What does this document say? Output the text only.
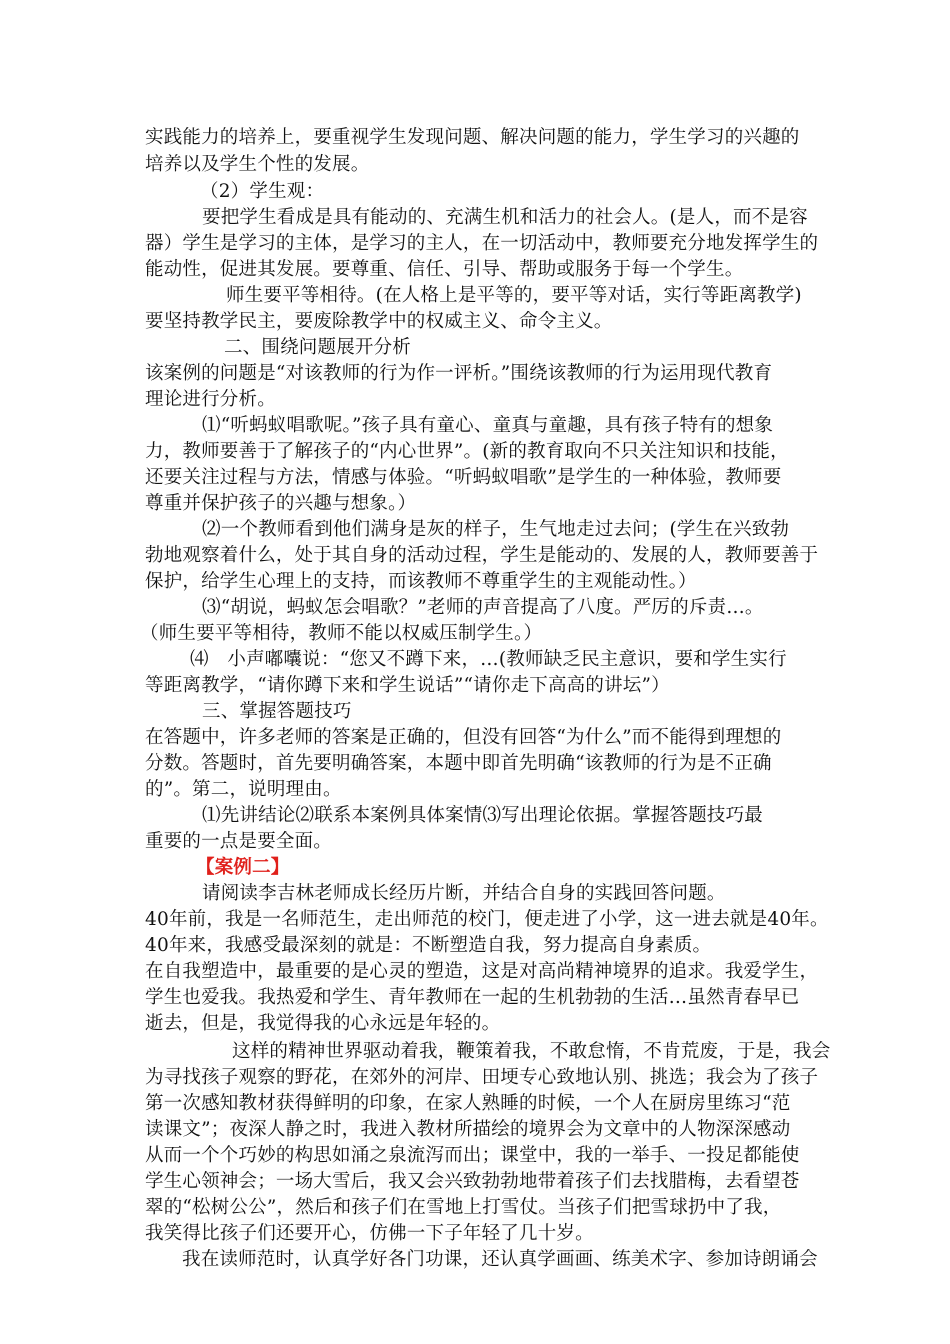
实践能力的培养上，要重视学生发现问题、解决问题的能力，学生学习的兴趣的
培养以及学生个性的发展。
（2）学生观：
要把学生看成是具有能动的、充满生机和活力的社会人。(是人，而不是容
器）学生是学习的主体，是学习的主人，在一切活动中，教师要充分地发挥学生的
能动性，促进其发展。要尊重、信任、引导、帮助或服务于每一个学生。
师生要平等相待。(在人格上是平等的，要平等对话，实行等距离教学)
要坚持教学民主，要废除教学中的权威主义、命令主义。
二、围绕问题展开分析
该案例的问题是“对该教师的行为作一评析。”围绕该教师的行为运用现代教育
理论进行分析。
⑴“听蚂蚁唱歌呢。”孩子具有童心、童真与童趣，具有孩子特有的想象
力，教师要善于了解孩子的“内心世界”。(新的教育取向不只关注知识和技能，
还要关注过程与方法，情感与体验。“听蚂蚁唱歌”是学生的一种体验，教师要
尊重并保护孩子的兴趣与想象。）
⑵一个教师看到他们满身是灰的样子，生气地走过去问；(学生在兴致勃
勃地观察着什么，处于其自身的活动过程，学生是能动的、发展的人，教师要善于
保护，给学生心理上的支持，而该教师不尊重学生的主观能动性。）
⑶“胡说，蚂蚁怎会唱歌？”老师的声音提高了八度。严厉的斥责…。
（师生要平等相待，教师不能以权威压制学生。）
⑷　小声嘟囔说：“您又不蹲下来，…(教师缺乏民主意识，要和学生实行
等距离教学，“请你蹲下来和学生说话”“请你走下高高的讲坛”）
三、掌握答题技巧
在答题中，许多老师的答案是正确的，但没有回答“为什么”而不能得到理想的
分数。答题时，首先要明确答案，本题中即首先明确“该教师的行为是不正确
的”。第二，说明理由。
⑴先讲结论⑵联系本案例具体案情⑶写出理论依据。掌握答题技巧最
重要的一点是要全面。
【案例二】
请阅读李吉林老师成长经历片断，并结合自身的实践回答问题。
40年前，我是一名师范生，走出师范的校门，便走进了小学，这一进去就是40年。
40年来，我感受最深刻的就是：不断塑造自我，努力提高自身素质。
在自我塑造中，最重要的是心灵的塑造，这是对高尚精神境界的追求。我爱学生，
学生也爱我。我热爱和学生、青年教师在一起的生机勃勃的生活…虽然青春早已
逝去，但是，我觉得我的心永远是年轻的。
这样的精神世界驱动着我，鞭策着我，不敢怠惰，不肯荒废，于是，我会
为寻找孩子观察的野花，在郊外的河岸、田埂专心致地认别、挑选；我会为了孩子
第一次感知教材获得鲜明的印象，在家人熟睡的时候，一个人在厨房里练习“范
读课文”；夜深人静之时，我进入教材所描绘的境界会为文章中的人物深深感动
从而一个个巧妙的构思如涌之泉流泻而出；课堂中，我的一举手、一投足都能使
学生心领神会；一场大雪后，我又会兴致勃勃地带着孩子们去找腊梅，去看望苍
翠的“松树公公”，然后和孩子们在雪地上打雪仗。当孩子们把雪球扔中了我，
我笑得比孩子们还要开心，仿佛一下子年轻了几十岁。
我在读师范时，认真学好各门功课，还认真学画画、练美术字、参加诗朗诵会
